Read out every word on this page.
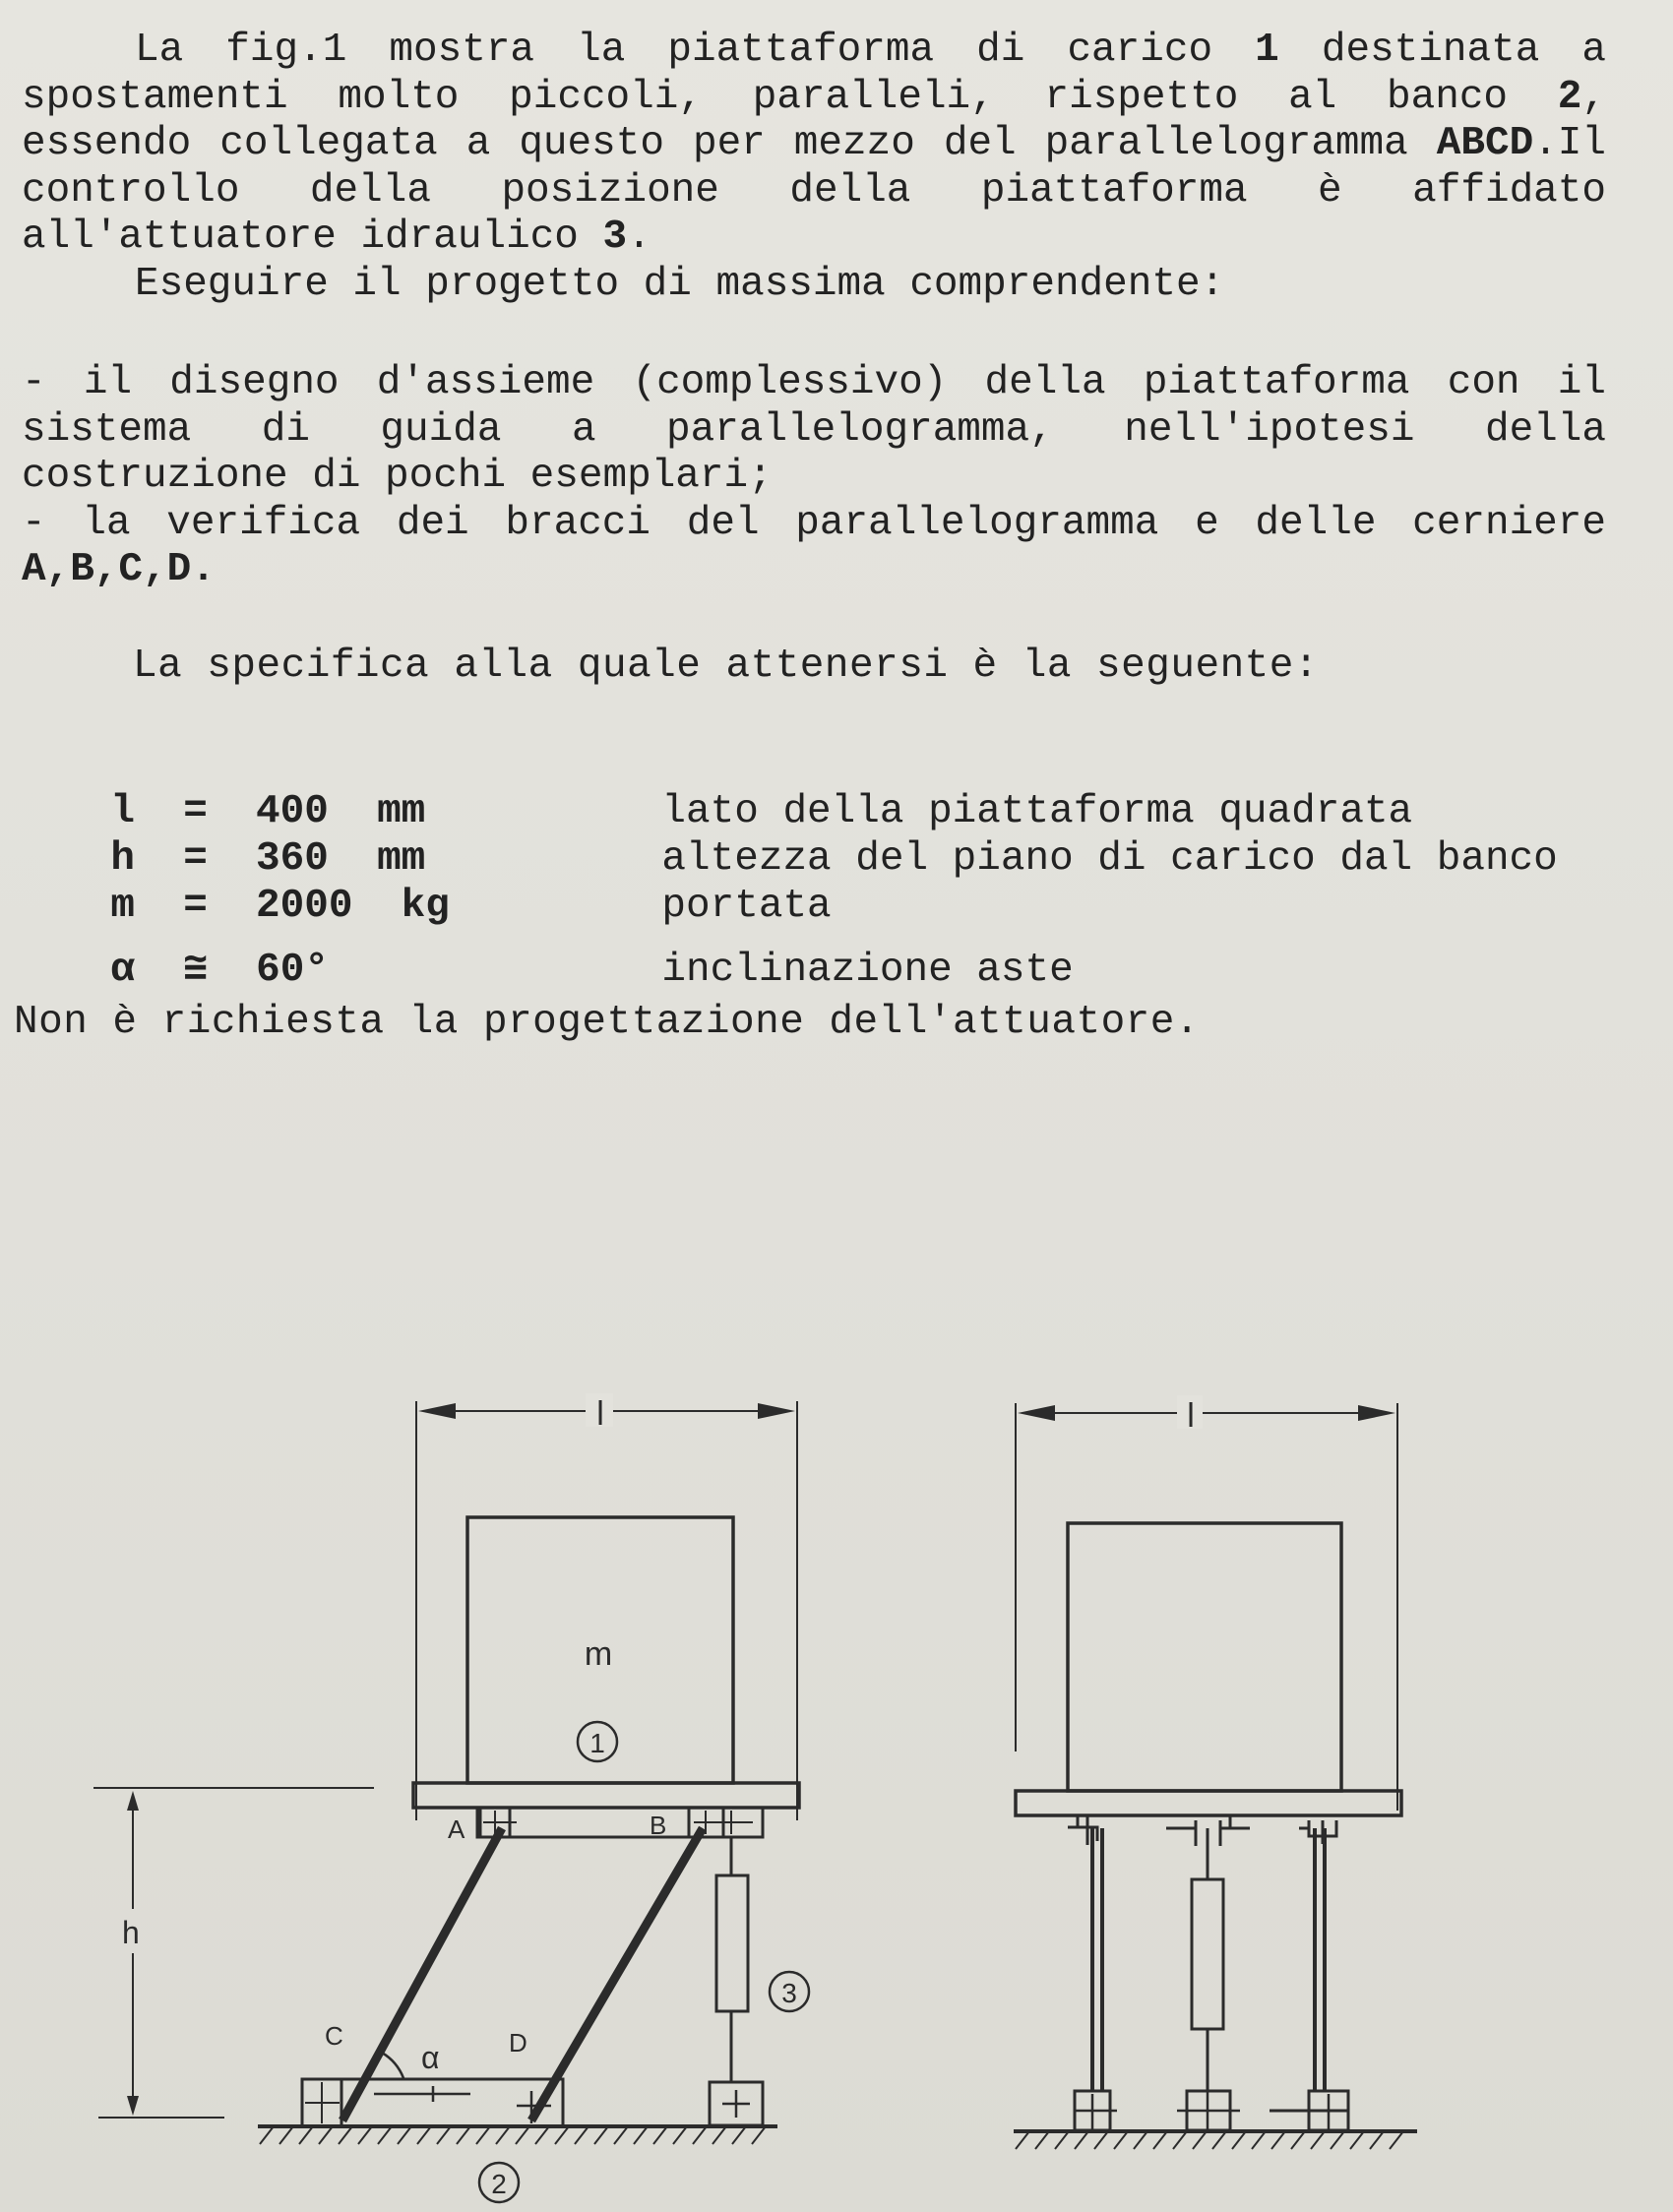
La fig.1 mostra la piattaforma di carico 1 destinata a spostamenti molto piccoli, paralleli, rispetto al banco 2, essendo collegata a questo per mezzo del parallelogramma ABCD.Il controllo della posizione della piattaforma è affidato all'attuatore idraulico 3.

Eseguire il progetto di massima comprendente:

- il disegno d'assieme (complessivo) della piattaforma con il sistema di guida a parallelogramma, nell'ipotesi della costruzione di pochi esemplari;

- la verifica dei bracci del parallelogramma e delle cerniere A,B,C,D.

La specifica alla quale attenersi è la seguente:

l  =  400  mm	lato della piattaforma quadrata

h  =  360  mm	altezza del piano di carico dal banco

m  =  2000  kg	portata

α  ≅  60°	inclinazione aste

Non è richiesta la progettazione dell'attuatore.
l
m
1
A	B
3
C	D
α
2
h
l
